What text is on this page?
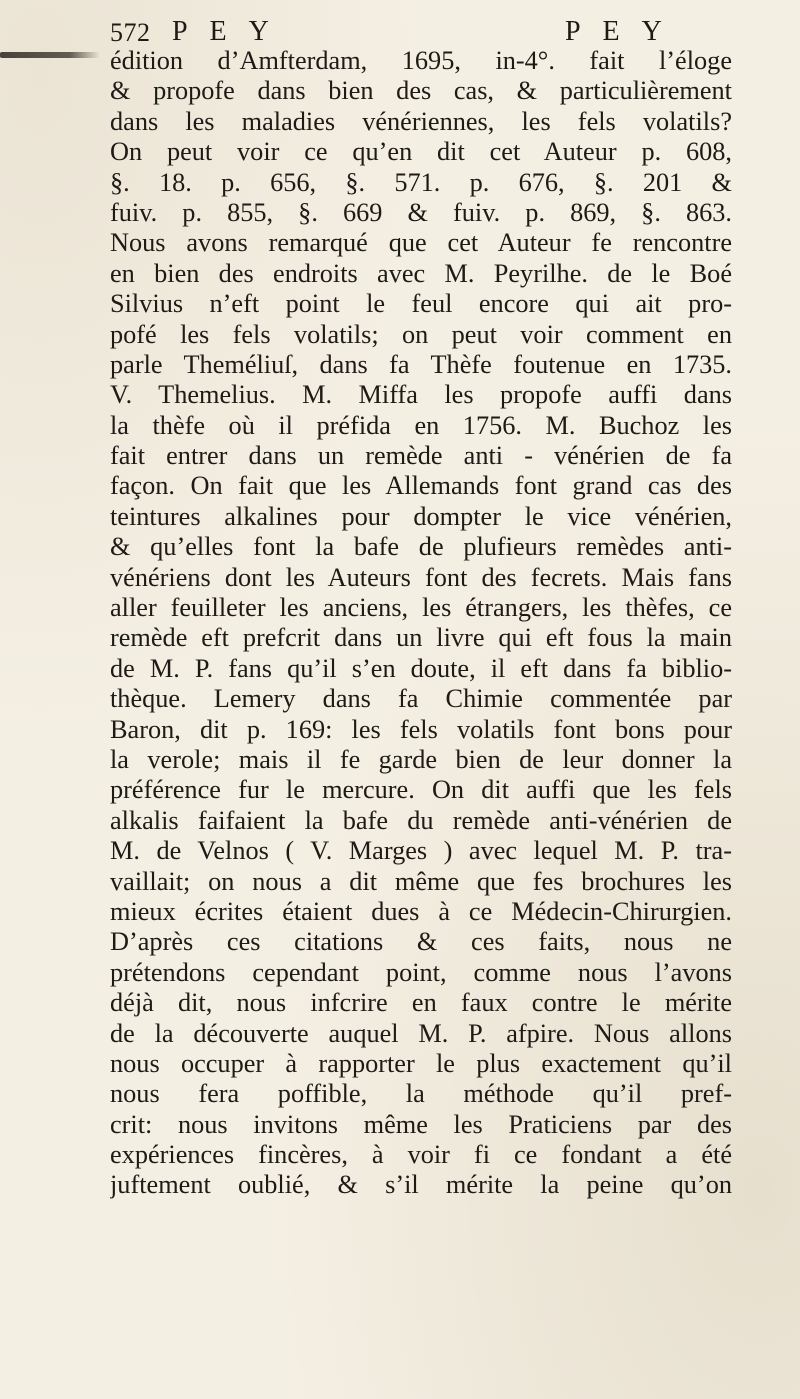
572 P E Y	P E Y
édition d’Amfterdam, 1695, in-4°. fait l’éloge
& propofe dans bien des cas, & particulièrement
dans les maladies vénériennes, les fels volatils?
On peut voir ce qu’en dit cet Auteur p. 608,
§. 18. p. 656, §. 571. p. 676, §. 201 &
fuiv. p. 855, §. 669 & fuiv. p. 869, §. 863.
Nous avons remarqué que cet Auteur fe rencontre
en bien des endroits avec M. Peyrilhe. de le Boé
Silvius n’eft point le feul encore qui ait pro-
pofé les fels volatils; on peut voir comment en
parle Theméliuſ, dans fa Thèfe foutenue en 1735.
V. Themelius. M. Miffa les propofe auffi dans
la thèfe où il préfida en 1756. M. Buchoz les
fait entrer dans un remède anti - vénérien de fa
façon. On fait que les Allemands font grand cas des
teintures alkalines pour dompter le vice vénérien,
& qu’elles font la bafe de plufieurs remèdes anti-
vénériens dont les Auteurs font des fecrets. Mais fans
aller feuilleter les anciens, les étrangers, les thèfes, ce
remède eft prefcrit dans un livre qui eft fous la main
de M. P. fans qu’il s’en doute, il eft dans fa biblio-
thèque. Lemery dans fa Chimie commentée par
Baron, dit p. 169: les fels volatils font bons pour
la verole; mais il fe garde bien de leur donner la
préférence fur le mercure. On dit auffi que les fels
alkalis faifaient la bafe du remède anti-vénérien de
M. de Velnos ( V. Marges ) avec lequel M. P. tra-
vaillait; on nous a dit même que fes brochures les
mieux écrites étaient dues à ce Médecin-Chirurgien.
D’après ces citations & ces faits, nous ne
prétendons cependant point, comme nous l’avons
déjà dit, nous infcrire en faux contre le mérite
de la découverte auquel M. P. afpire. Nous allons
nous occuper à rapporter le plus exactement qu’il
nous fera poffible, la méthode qu’il pref-
crit: nous invitons même les Praticiens par des
expériences fincères, à voir fi ce fondant a été
juftement oublié, & s’il mérite la peine qu’on
